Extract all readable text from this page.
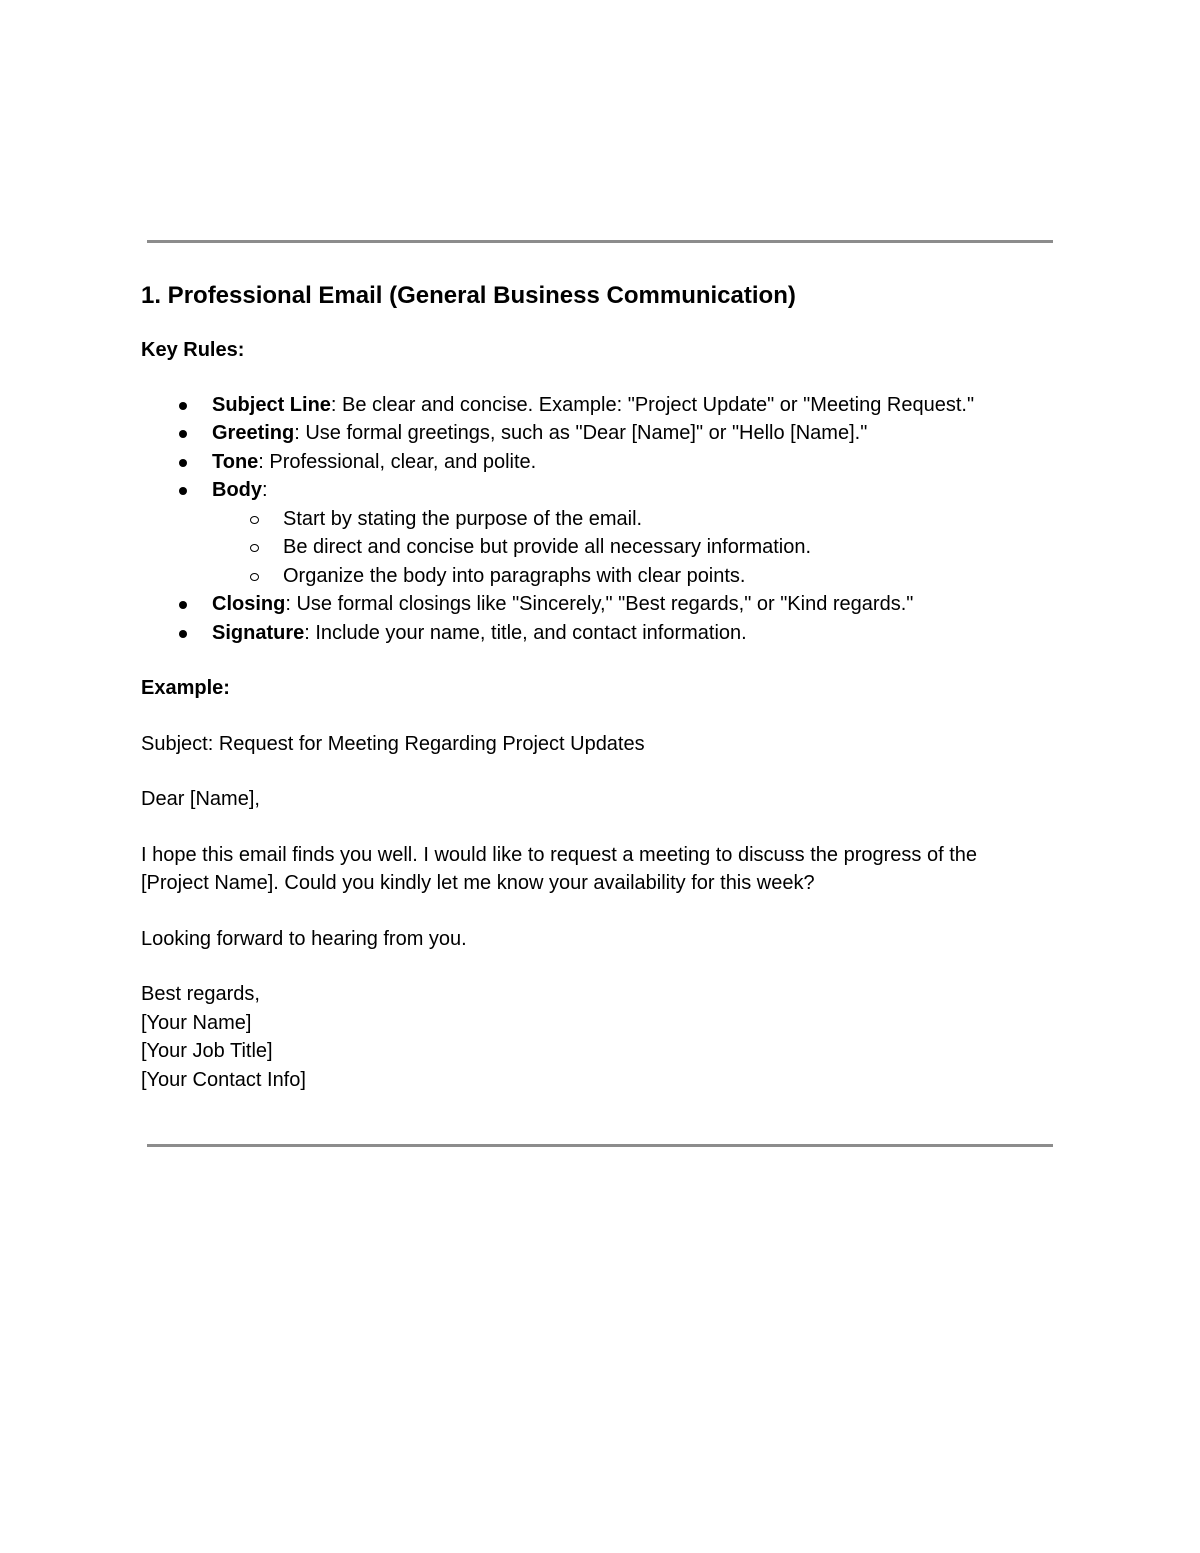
1. Professional Email (General Business Communication)

Key Rules:

Subject Line: Be clear and concise. Example: "Project Update" or "Meeting Request."
Greeting: Use formal greetings, such as "Dear [Name]" or "Hello [Name]."
Tone: Professional, clear, and polite.
Body:
Start by stating the purpose of the email.
Be direct and concise but provide all necessary information.
Organize the body into paragraphs with clear points.
Closing: Use formal closings like "Sincerely," "Best regards," or "Kind regards."
Signature: Include your name, title, and contact information.

Example:

Subject: Request for Meeting Regarding Project Updates

Dear [Name],

I hope this email finds you well. I would like to request a meeting to discuss the progress of the

[Project Name]. Could you kindly let me know your availability for this week?

Looking forward to hearing from you.

Best regards,

[Your Name]

[Your Job Title]

[Your Contact Info]
